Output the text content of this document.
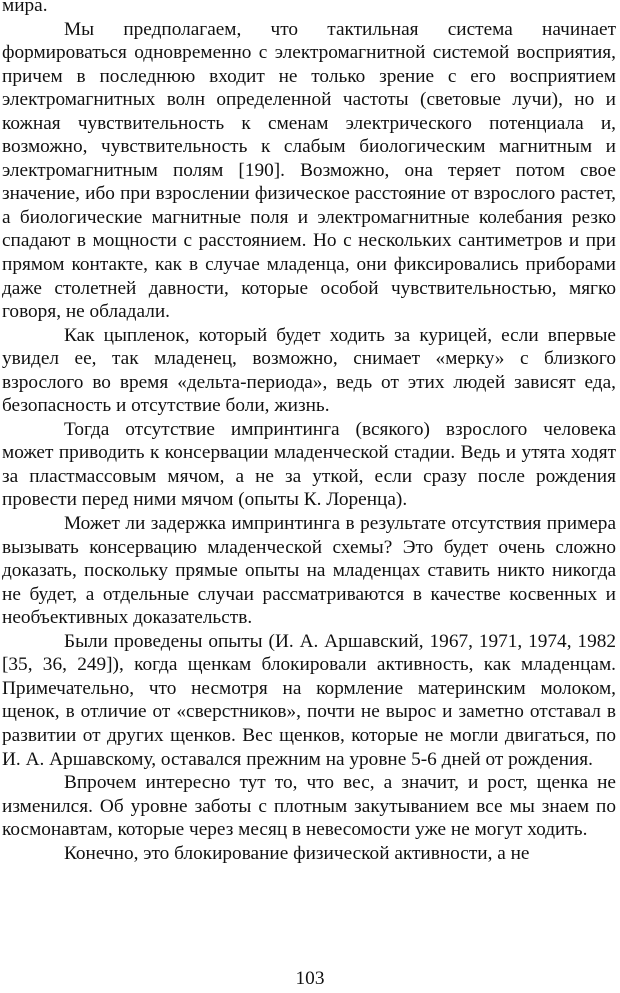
мира.

Мы предполагаем, что тактильная система начинает формироваться одновременно с электромагнитной системой восприятия, причем в последнюю входит не только зрение с его восприятием электромагнитных волн определенной частоты (световые лучи), но и кожная чувствительность к сменам электрического потенциала и, возможно, чувствительность к слабым биологическим магнитным и электромагнитным полям [190]. Возможно, она теряет потом свое значение, ибо при взрослении физическое расстояние от взрослого растет, а биологические магнитные поля и электромагнитные колебания резко спадают в мощности с расстоянием. Но с нескольких сантиметров и при прямом контакте, как в случае младенца, они фиксировались приборами даже столетней давности, которые особой чувствительностью, мягко говоря, не обладали.

Как цыпленок, который будет ходить за курицей, если впервые увидел ее, так младенец, возможно, снимает «мерку» с близкого взрослого во время «дельта-периода», ведь от этих людей зависят еда, безопасность и отсутствие боли, жизнь.

Тогда отсутствие импринтинга (всякого) взрослого человека может приводить к консервации младенческой стадии. Ведь и утята ходят за пластмассовым мячом, а не за уткой, если сразу после рождения провести перед ними мячом (опыты К. Лоренца).

Может ли задержка импринтинга в результате отсутствия примера вызывать консервацию младенческой схемы? Это будет очень сложно доказать, поскольку прямые опыты на младенцах ставить никто никогда не будет, а отдельные случаи рассматриваются в качестве косвенных и необъективных доказательств.

Были проведены опыты (И. А. Аршавский, 1967, 1971, 1974, 1982 [35, 36, 249]), когда щенкам блокировали активность, как младенцам. Примечательно, что несмотря на кормление материнским молоком, щенок, в отличие от «сверстников», почти не вырос и заметно отставал в развитии от других щенков. Вес щенков, которые не могли двигаться, по И. А. Аршавскому, оставался прежним на уровне 5-6 дней от рождения.

Впрочем интересно тут то, что вес, а значит, и рост, щенка не изменился. Об уровне заботы с плотным закутыванием все мы знаем по космонавтам, которые через месяц в невесомости уже не могут ходить.

Конечно, это блокирование физической активности, а не

103
